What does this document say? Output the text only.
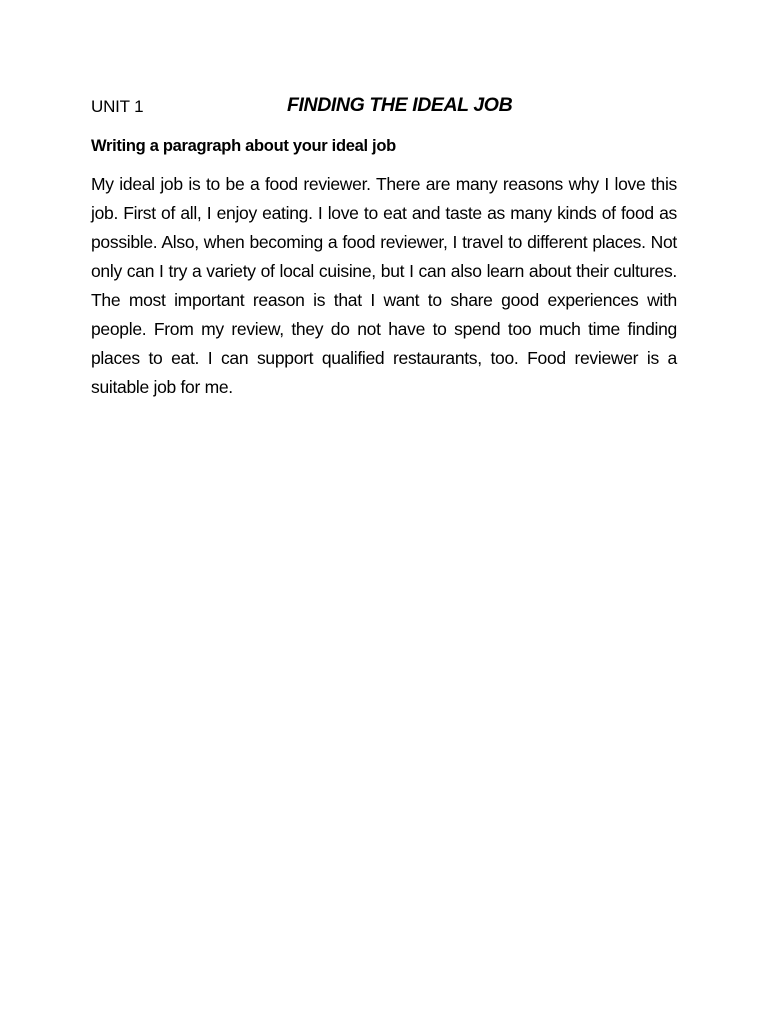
UNIT 1	FINDING THE IDEAL JOB
Writing a paragraph about your ideal job

My ideal job is to be a food reviewer. There are many reasons why I love this job. First of all, I enjoy eating. I love to eat and taste as many kinds of food as possible. Also, when becoming a food reviewer, I travel to different places. Not only can I try a variety of local cuisine, but I can also learn about their cultures. The most important reason is that I want to share good experiences with people. From my review, they do not have to spend too much time finding places to eat. I can support qualified restaurants, too. Food reviewer is a suitable job for me.
